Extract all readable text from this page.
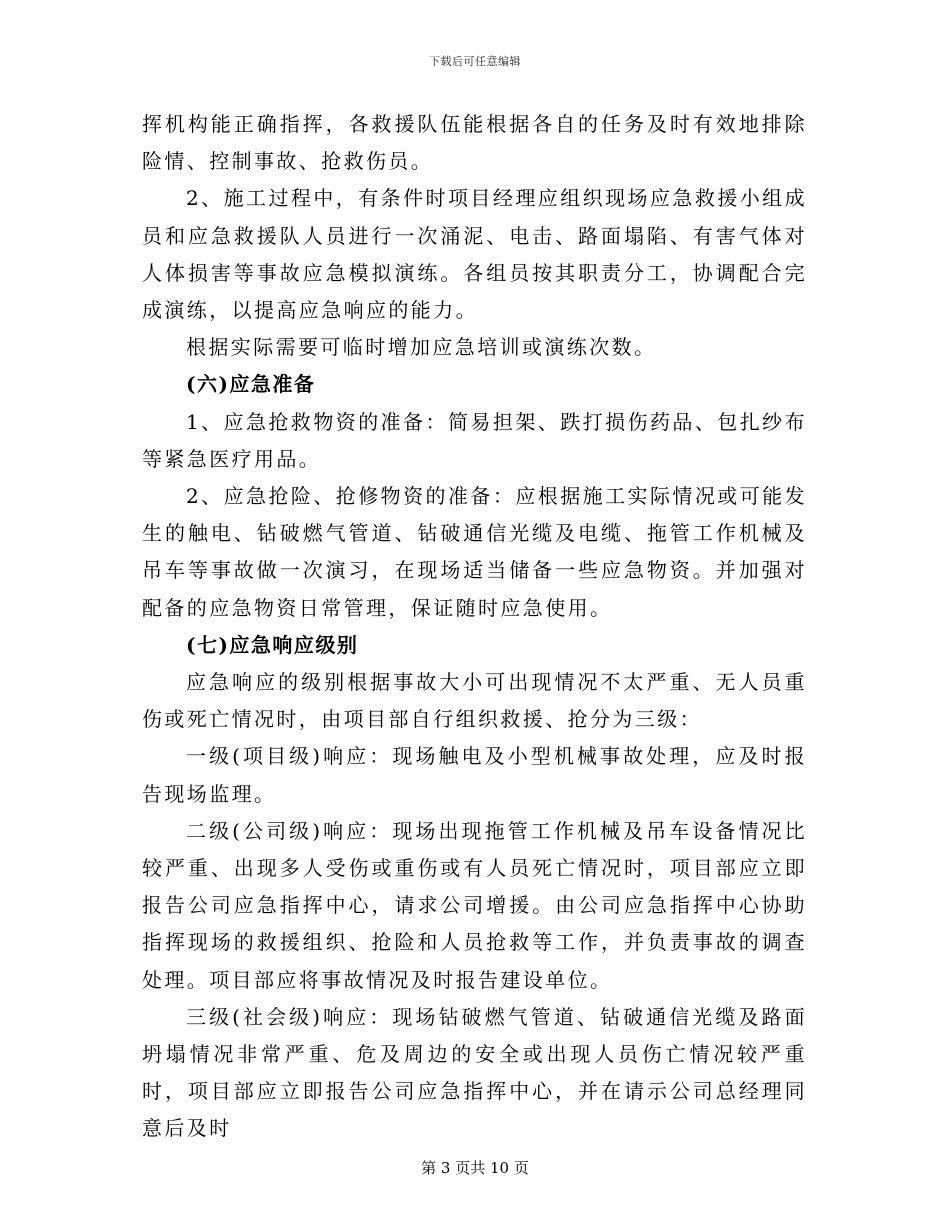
下载后可任意编辑

挥机构能正确指挥，各救援队伍能根据各自的任务及时有效地排除险情、控制事故、抢救伤员。

2、施工过程中，有条件时项目经理应组织现场应急救援小组成员和应急救援队人员进行一次涌泥、电击、路面塌陷、有害气体对人体损害等事故应急模拟演练。各组员按其职责分工，协调配合完成演练，以提高应急响应的能力。

根据实际需要可临时增加应急培训或演练次数。

(六)应急准备

1、应急抢救物资的准备：简易担架、跌打损伤药品、包扎纱布等紧急医疗用品。

2、应急抢险、抢修物资的准备：应根据施工实际情况或可能发生的触电、钻破燃气管道、钻破通信光缆及电缆、拖管工作机械及吊车等事故做一次演习，在现场适当储备一些应急物资。并加强对配备的应急物资日常管理，保证随时应急使用。

(七)应急响应级别

应急响应的级别根据事故大小可出现情况不太严重、无人员重伤或死亡情况时，由项目部自行组织救援、抢分为三级：

一级(项目级)响应：现场触电及小型机械事故处理，应及时报告现场监理。

二级(公司级)响应：现场出现拖管工作机械及吊车设备情况比较严重、出现多人受伤或重伤或有人员死亡情况时，项目部应立即报告公司应急指挥中心，请求公司增援。由公司应急指挥中心协助指挥现场的救援组织、抢险和人员抢救等工作，并负责事故的调查处理。项目部应将事故情况及时报告建设单位。

三级(社会级)响应：现场钻破燃气管道、钻破通信光缆及路面坍塌情况非常严重、危及周边的安全或出现人员伤亡情况较严重时，项目部应立即报告公司应急指挥中心，并在请示公司总经理同意后及时

第 3 页共 10 页
